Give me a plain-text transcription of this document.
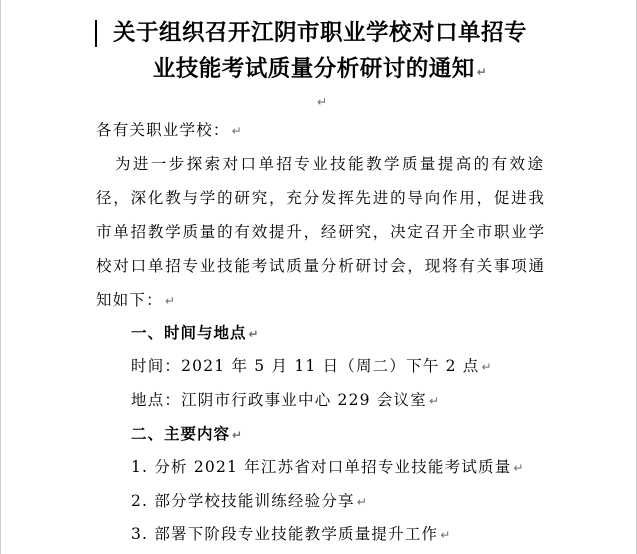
关于组织召开江阴市职业学校对口单招专
业技能考试质量分析研讨的通知 ↵
↵
各有关职业学校： ↵
为进一步探索对口单招专业技能教学质量提高的有效途
径，深化教与学的研究，充分发挥先进的导向作用，促进我
市单招教学质量的有效提升，经研究，决定召开全市职业学
校对口单招专业技能考试质量分析研讨会，现将有关事项通
知如下： ↵
一、时间与地点 ↵
时间：2021 年 5 月 11 日（周二）下午 2 点 ↵
地点：江阴市行政事业中心 229 会议室 ↵
二、主要内容 ↵
1. 分析 2021 年江苏省对口单招专业技能考试质量 ↵
2. 部分学校技能训练经验分享 ↵
3. 部署下阶段专业技能教学质量提升工作 ↵
